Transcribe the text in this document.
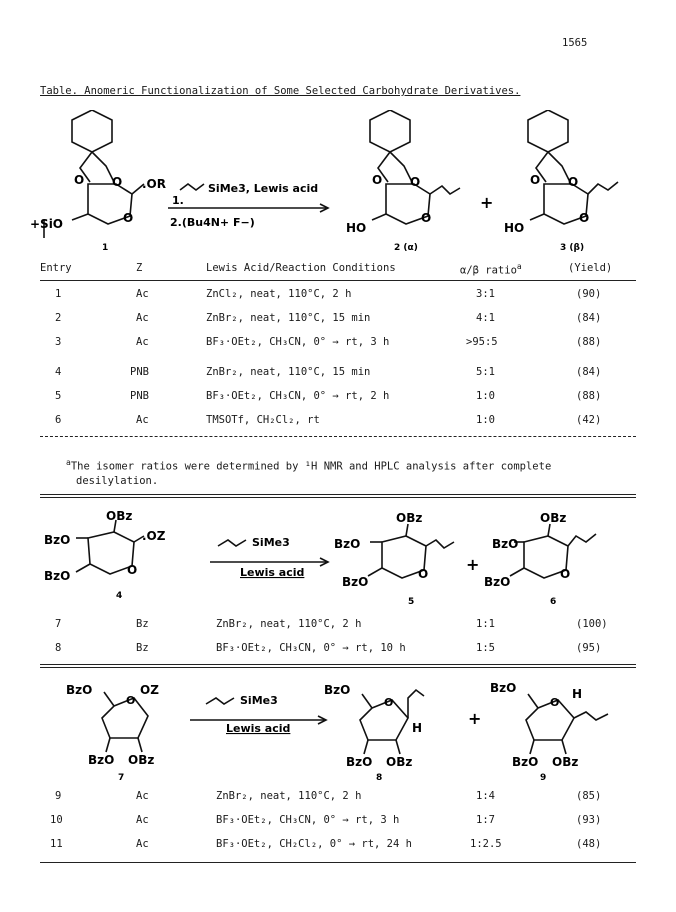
1565
Table. Anomeric Functionalization of Some Selected Carbohydrate Derivatives.
O O
O
O O
O
O O
O
.OR
+SiO
1.
SiMe3, Lewis acid
2.(Bu4N+ F−)	HO	HO
+
1	2 (α)	3 (β)
Entry	Z	Lewis Acid/Reaction Conditions	α/β ratio$^a$	(Yield)
1	Ac	ZnCl₂, neat, 110°C, 2 h	3:1	(90)
2	Ac	ZnBr₂, neat, 110°C, 15 min	4:1	(84)
3	Ac	BF₃·OEt₂, CH₃CN, 0° → rt, 3 h	>95:5	(88)
4	PNB	ZnBr₂, neat, 110°C, 15 min	5:1	(84)
5	PNB	BF₃·OEt₂, CH₃CN, 0° → rt, 2 h	1:0	(88)
6	Ac	TMSOTf, CH₂Cl₂, rt	1:0	(42)
$^a$The isomer ratios were determined by ¹H NMR and HPLC analysis after complete
desilylation.
OBz
BzO	.OZ
BzO	O
SiMe3
Lewis acid
OBz
BzO
BzO
O
OBz
BzO
BzO
O
+
4
5	6
7	Bz	ZnBr₂, neat, 110°C, 2 h	1:1	(100)
8	Bz	BF₃·OEt₂, CH₃CN, 0° → rt, 10 h	1:5	(95)
BzO	OZ
O
BzO OBz
SiMe3
Lewis acid
BzO
O
H
BzO OBz
+
BzO
O
H
BzO OBz
7	8	9
9	Ac	ZnBr₂, neat, 110°C, 2 h	1:4	(85)
10	Ac	BF₃·OEt₂, CH₃CN, 0° → rt, 3 h	1:7	(93)
11	Ac	BF₃·OEt₂, CH₂Cl₂, 0° → rt, 24 h	1:2.5	(48)
